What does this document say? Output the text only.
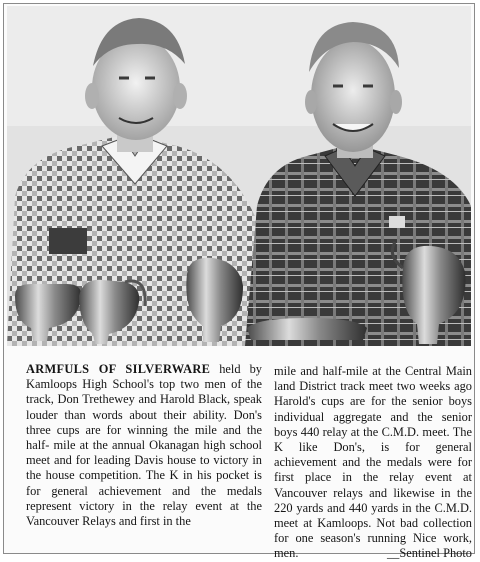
ARMFULS OF SILVERWARE held by Kamloops High School's top two men of the track, Don Trethewey and Harold Black, speak louder than words about their ability. Don's three cups are for winning the mile and the half- mile at the annual Okanagan high school meet and for leading Davis house to victory in the house competition. The K in his pocket is for general achievement and the medals represent victory in the relay event at the Vancouver Relays and first in the
mile and half-mile at the Central Main land District track meet two weeks ago Harold's cups are for the senior boys individual aggregate and the senior boys 440 relay at the C.M.D. meet. The K like Don's, is for general achievement and the medals were for first place in the relay event at Vancouver relays and likewise in the 220 yards and 440 yards in the C.M.D. meet at Kamloops. Not bad collection for one season's running Nice work, men.	__Sentinel Photo
